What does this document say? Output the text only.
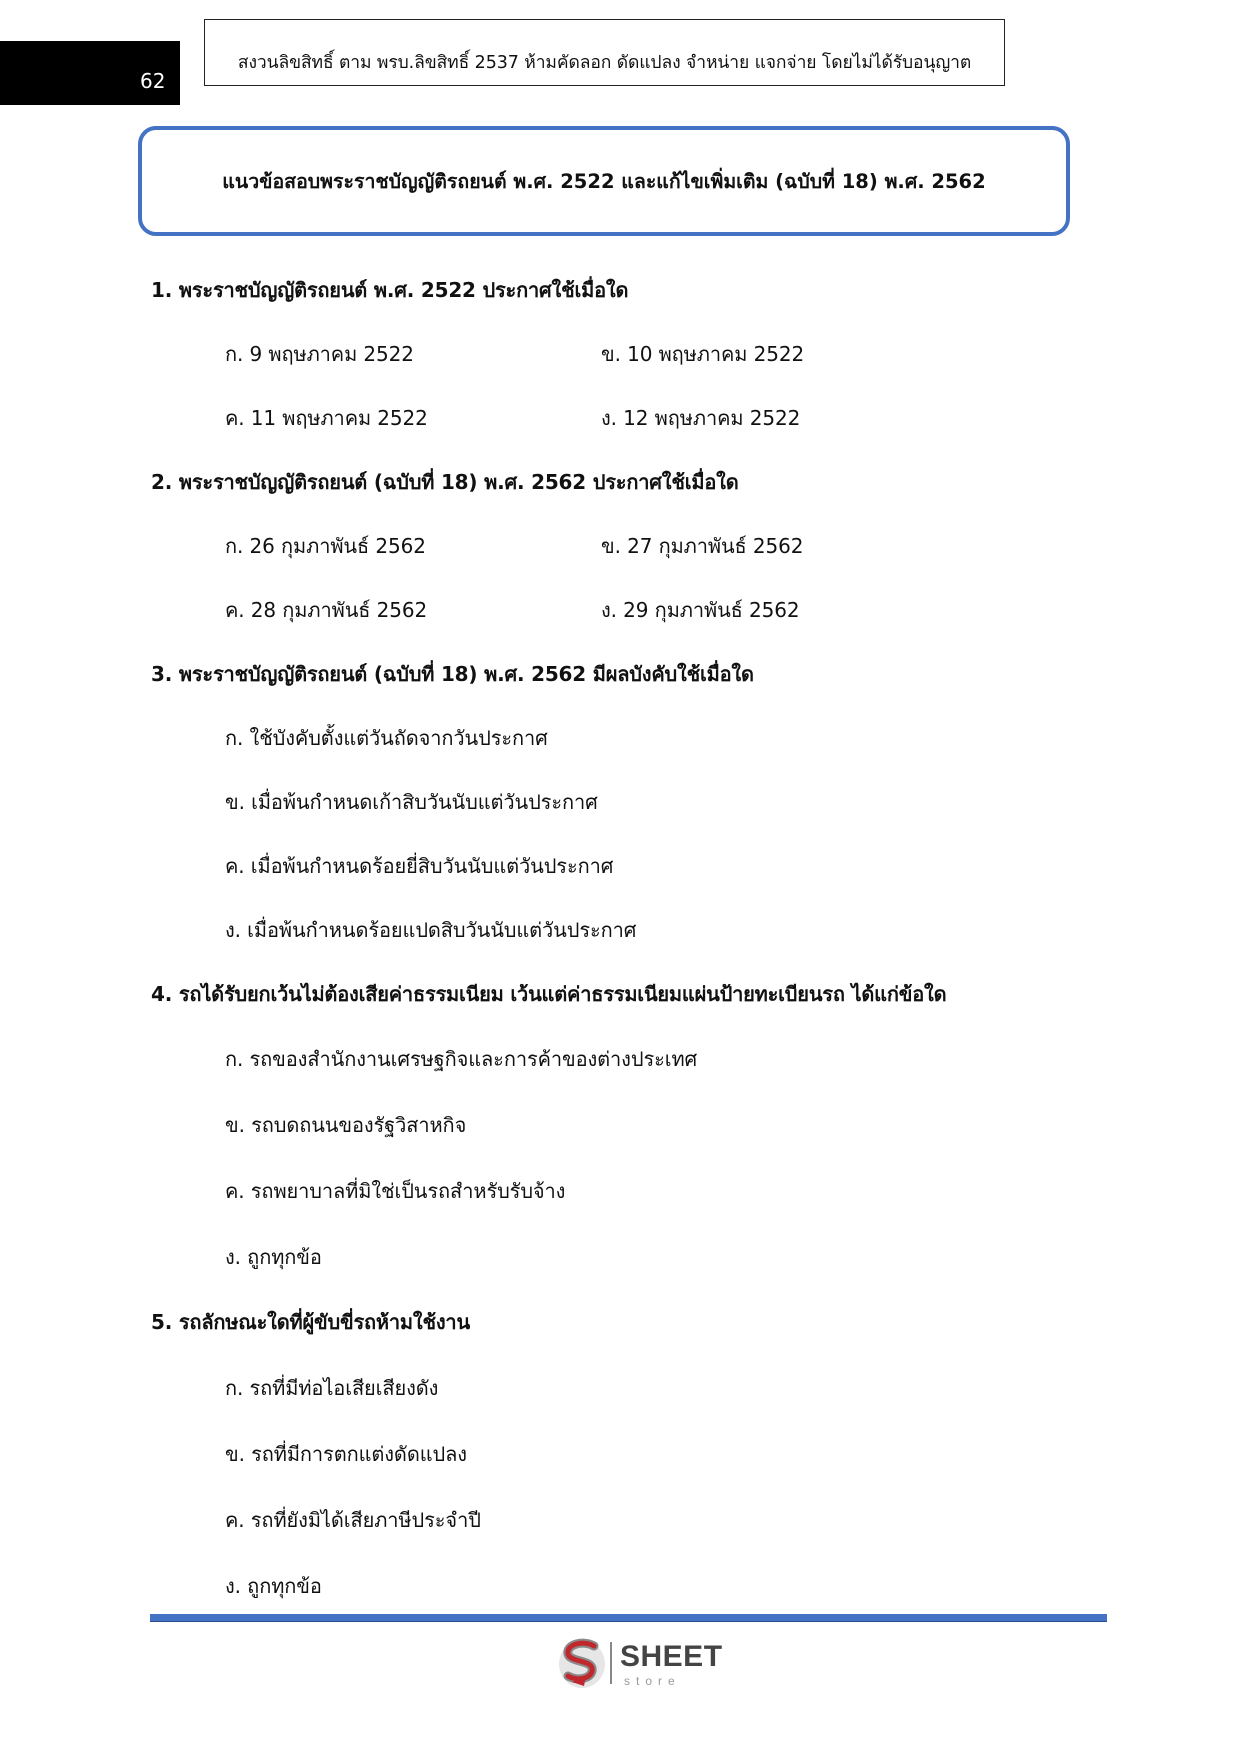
62
สงวนลิขสิทธิ์ ตาม พรบ.ลิขสิทธิ์ 2537 ห้ามคัดลอก ดัดแปลง จำหน่าย แจกจ่าย โดยไม่ได้รับอนุญาต
แนวข้อสอบพระราชบัญญัติรถยนต์ พ.ศ. 2522 และแก้ไขเพิ่มเติม (ฉบับที่ 18) พ.ศ. 2562
1. พระราชบัญญัติรถยนต์ พ.ศ. 2522 ประกาศใช้เมื่อใด
ก. 9 พฤษภาคม 2522	ข. 10 พฤษภาคม 2522
ค. 11 พฤษภาคม 2522	ง. 12 พฤษภาคม 2522
2. พระราชบัญญัติรถยนต์ (ฉบับที่ 18) พ.ศ. 2562 ประกาศใช้เมื่อใด
ก. 26 กุมภาพันธ์ 2562	ข. 27 กุมภาพันธ์ 2562
ค. 28 กุมภาพันธ์ 2562	ง. 29 กุมภาพันธ์ 2562
3. พระราชบัญญัติรถยนต์ (ฉบับที่ 18) พ.ศ. 2562 มีผลบังคับใช้เมื่อใด
ก. ใช้บังคับตั้งแต่วันถัดจากวันประกาศ
ข. เมื่อพ้นกำหนดเก้าสิบวันนับแต่วันประกาศ
ค. เมื่อพ้นกำหนดร้อยยี่สิบวันนับแต่วันประกาศ
ง. เมื่อพ้นกำหนดร้อยแปดสิบวันนับแต่วันประกาศ
4. รถได้รับยกเว้นไม่ต้องเสียค่าธรรมเนียม เว้นแต่ค่าธรรมเนียมแผ่นป้ายทะเบียนรถ ได้แก่ข้อใด
ก. รถของสำนักงานเศรษฐกิจและการค้าของต่างประเทศ
ข. รถบดถนนของรัฐวิสาหกิจ
ค. รถพยาบาลที่มิใช่เป็นรถสำหรับรับจ้าง
ง. ถูกทุกข้อ
5. รถลักษณะใดที่ผู้ขับขี่รถห้ามใช้งาน
ก. รถที่มีท่อไอเสียเสียงดัง
ข. รถที่มีการตกแต่งดัดแปลง
ค. รถที่ยังมิได้เสียภาษีประจำปี
ง. ถูกทุกข้อ
SHEET
store
